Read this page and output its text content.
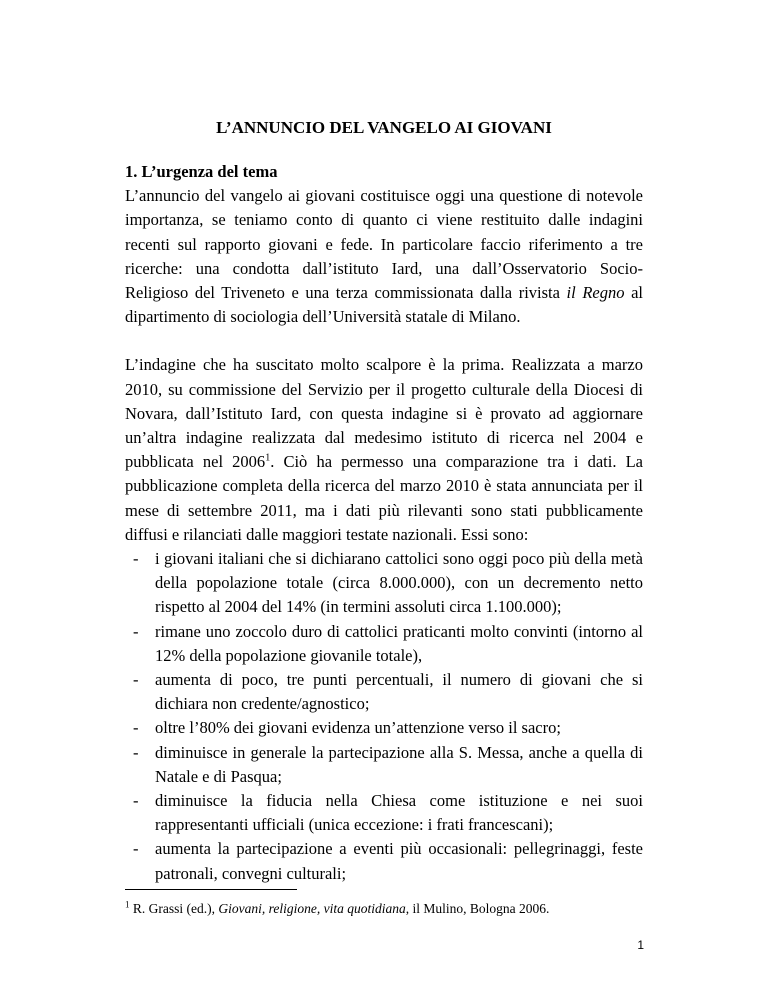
L’ANNUNCIO DEL VANGELO AI GIOVANI
1. L’urgenza del tema

L’annuncio del vangelo ai giovani costituisce oggi una questione di notevole importanza, se teniamo conto di quanto ci viene restituito dalle indagini recenti sul rapporto giovani e fede. In particolare faccio riferimento a tre ricerche: una condotta dall’istituto Iard, una dall’Osservatorio Socio-Religioso del Triveneto e una terza commissionata dalla rivista il Regno al dipartimento di sociologia dell’Università statale di Milano.

L’indagine che ha suscitato molto scalpore è la prima. Realizzata a marzo 2010, su commissione del Servizio per il progetto culturale della Diocesi di Novara, dall’Istituto Iard, con questa indagine si è provato ad aggiornare un’altra indagine realizzata dal medesimo istituto di ricerca nel 2004 e pubblicata nel 2006$^1$. Ciò ha permesso una comparazione tra i dati. La pubblicazione completa della ricerca del marzo 2010 è stata annunciata per il mese di settembre 2011, ma i dati più rilevanti sono stati pubblicamente diffusi e rilanciati dalle maggiori testate nazionali. Essi sono:

- i giovani italiani che si dichiarano cattolici sono oggi poco più della metà della popolazione totale (circa 8.000.000), con un decremento netto rispetto al 2004 del 14% (in termini assoluti circa 1.100.000);
- rimane uno zoccolo duro di cattolici praticanti molto convinti (intorno al 12% della popolazione giovanile totale),
- aumenta di poco, tre punti percentuali, il numero di giovani che si dichiara non credente/agnostico;
- oltre l’80% dei giovani evidenza un’attenzione verso il sacro;
- diminuisce in generale la partecipazione alla S. Messa, anche a quella di Natale e di Pasqua;
- diminuisce la fiducia nella Chiesa come istituzione e nei suoi rappresentanti ufficiali (unica eccezione: i frati francescani);
- aumenta la partecipazione a eventi più occasionali: pellegrinaggi, feste patronali, convegni culturali;
$^1$ R. Grassi (ed.), Giovani, religione, vita quotidiana, il Mulino, Bologna 2006.
1
